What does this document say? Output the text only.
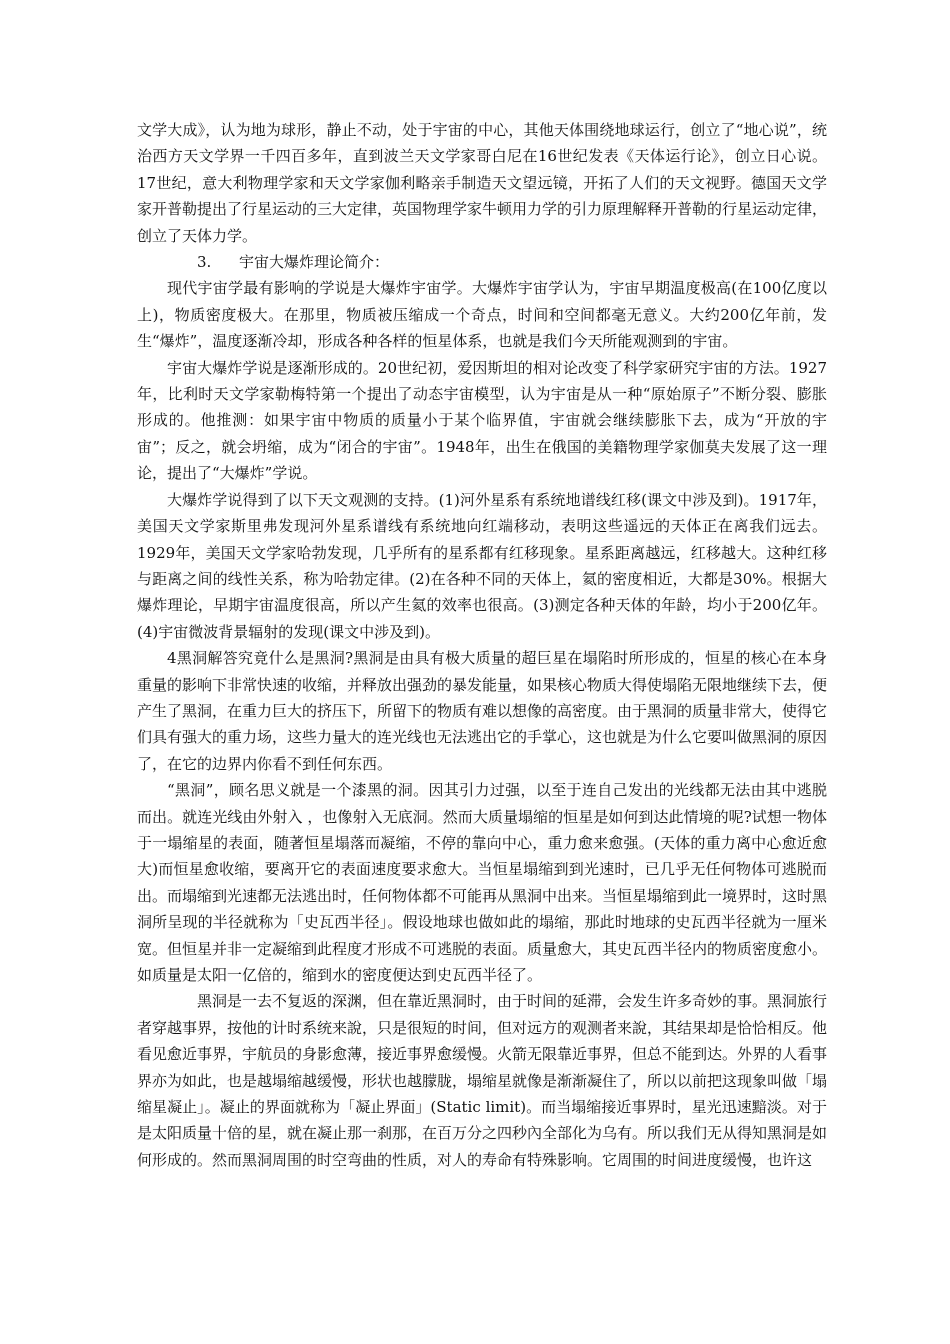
文学大成》，认为地为球形，静止不动，处于宇宙的中心，其他天体围绕地球运行，创立了“地心说”，统治西方天文学界一千四百多年，直到波兰天文学家哥白尼在16世纪发表《天体运行论》，创立日心说。17世纪，意大利物理学家和天文学家伽利略亲手制造天文望远镜，开拓了人们的天文视野。德国天文学家开普勒提出了行星运动的三大定律，英国物理学家牛顿用力学的引力原理解释开普勒的行星运动定律，创立了天体力学。

3. 宇宙大爆炸理论简介：

现代宇宙学最有影响的学说是大爆炸宇宙学。大爆炸宇宙学认为，宇宙早期温度极高(在100亿度以上)，物质密度极大。在那里，物质被压缩成一个奇点，时间和空间都毫无意义。大约200亿年前，发生“爆炸”，温度逐渐冷却，形成各种各样的恒星体系，也就是我们今天所能观测到的宇宙。

宇宙大爆炸学说是逐渐形成的。20世纪初，爱因斯坦的相对论改变了科学家研究宇宙的方法。1927年，比利时天文学家勒梅特第一个提出了动态宇宙模型，认为宇宙是从一种“原始原子”不断分裂、膨胀形成的。他推测：如果宇宙中物质的质量小于某个临界值，宇宙就会继续膨胀下去，成为“开放的宇宙”；反之，就会坍缩，成为“闭合的宇宙”。1948年，出生在俄国的美籍物理学家伽莫夫发展了这一理论，提出了“大爆炸”学说。

大爆炸学说得到了以下天文观测的支持。(1)河外星系有系统地谱线红移(课文中涉及到)。1917年，美国天文学家斯里弗发现河外星系谱线有系统地向红端移动，表明这些遥远的天体正在离我们远去。1929年，美国天文学家哈勃发现，几乎所有的星系都有红移现象。星系距离越远，红移越大。这种红移与距离之间的线性关系，称为哈勃定律。(2)在各种不同的天体上，氦的密度相近，大都是30%。根据大爆炸理论，早期宇宙温度很高，所以产生氦的效率也很高。(3)测定各种天体的年龄，均小于200亿年。(4)宇宙微波背景辐射的发现(课文中涉及到)。

4黑洞解答究竟什么是黑洞?黑洞是由具有极大质量的超巨星在塌陷时所形成的，恒星的核心在本身重量的影响下非常快速的收缩，并释放出强劲的暴发能量，如果核心物质大得使塌陷无限地继续下去，便产生了黑洞，在重力巨大的挤压下，所留下的物质有难以想像的高密度。由于黑洞的质量非常大，使得它们具有强大的重力场，这些力量大的连光线也无法逃出它的手掌心，这也就是为什么它要叫做黑洞的原因了，在它的边界内你看不到任何东西。

“黑洞”，顾名思义就是一个漆黑的洞。因其引力过强，以至于连自己发出的光线都无法由其中逃脱而出。就连光线由外射入 ，也像射入无底洞。然而大质量塌缩的恒星是如何到达此情境的呢?试想一物体于一塌缩星的表面，随著恒星塌落而凝缩，不停的靠向中心，重力愈来愈强。(天体的重力离中心愈近愈大)而恒星愈收缩，要离开它的表面速度要求愈大。当恒星塌缩到到光速时，已几乎无任何物体可逃脱而出。而塌缩到光速都无法逃出时，任何物体都不可能再从黑洞中出来。当恒星塌缩到此一境界时，这时黑洞所呈现的半径就称为「史瓦西半径」。假设地球也做如此的塌缩，那此时地球的史瓦西半径就为一厘米宽。但恒星并非一定凝缩到此程度才形成不可逃脱的表面。质量愈大，其史瓦西半径内的物质密度愈小。如质量是太阳一亿倍的，缩到水的密度便达到史瓦西半径了。

黑洞是一去不复返的深渊，但在靠近黑洞时，由于时间的延滞，会发生许多奇妙的事。黑洞旅行者穿越事界，按他的计时系统来說，只是很短的时间，但对远方的观测者来說，其结果却是恰恰相反。他看见愈近事界，宇航员的身影愈薄，接近事界愈缓慢。火箭无限靠近事界，但总不能到达。外界的人看事界亦为如此，也是越塌缩越缓慢，形状也越朦胧，塌缩星就像是渐渐凝住了，所以以前把这现象叫做「塌缩星凝止」。凝止的界面就称为「凝止界面」(Static limit)。而当塌缩接近事界时，星光迅速黯淡。对于是太阳质量十倍的星，就在凝止那一刹那，在百万分之四秒內全部化为乌有。所以我们无从得知黑洞是如何形成的。然而黑洞周围的时空弯曲的性质，对人的寿命有特殊影响。它周围的时间进度缓慢，也许这
